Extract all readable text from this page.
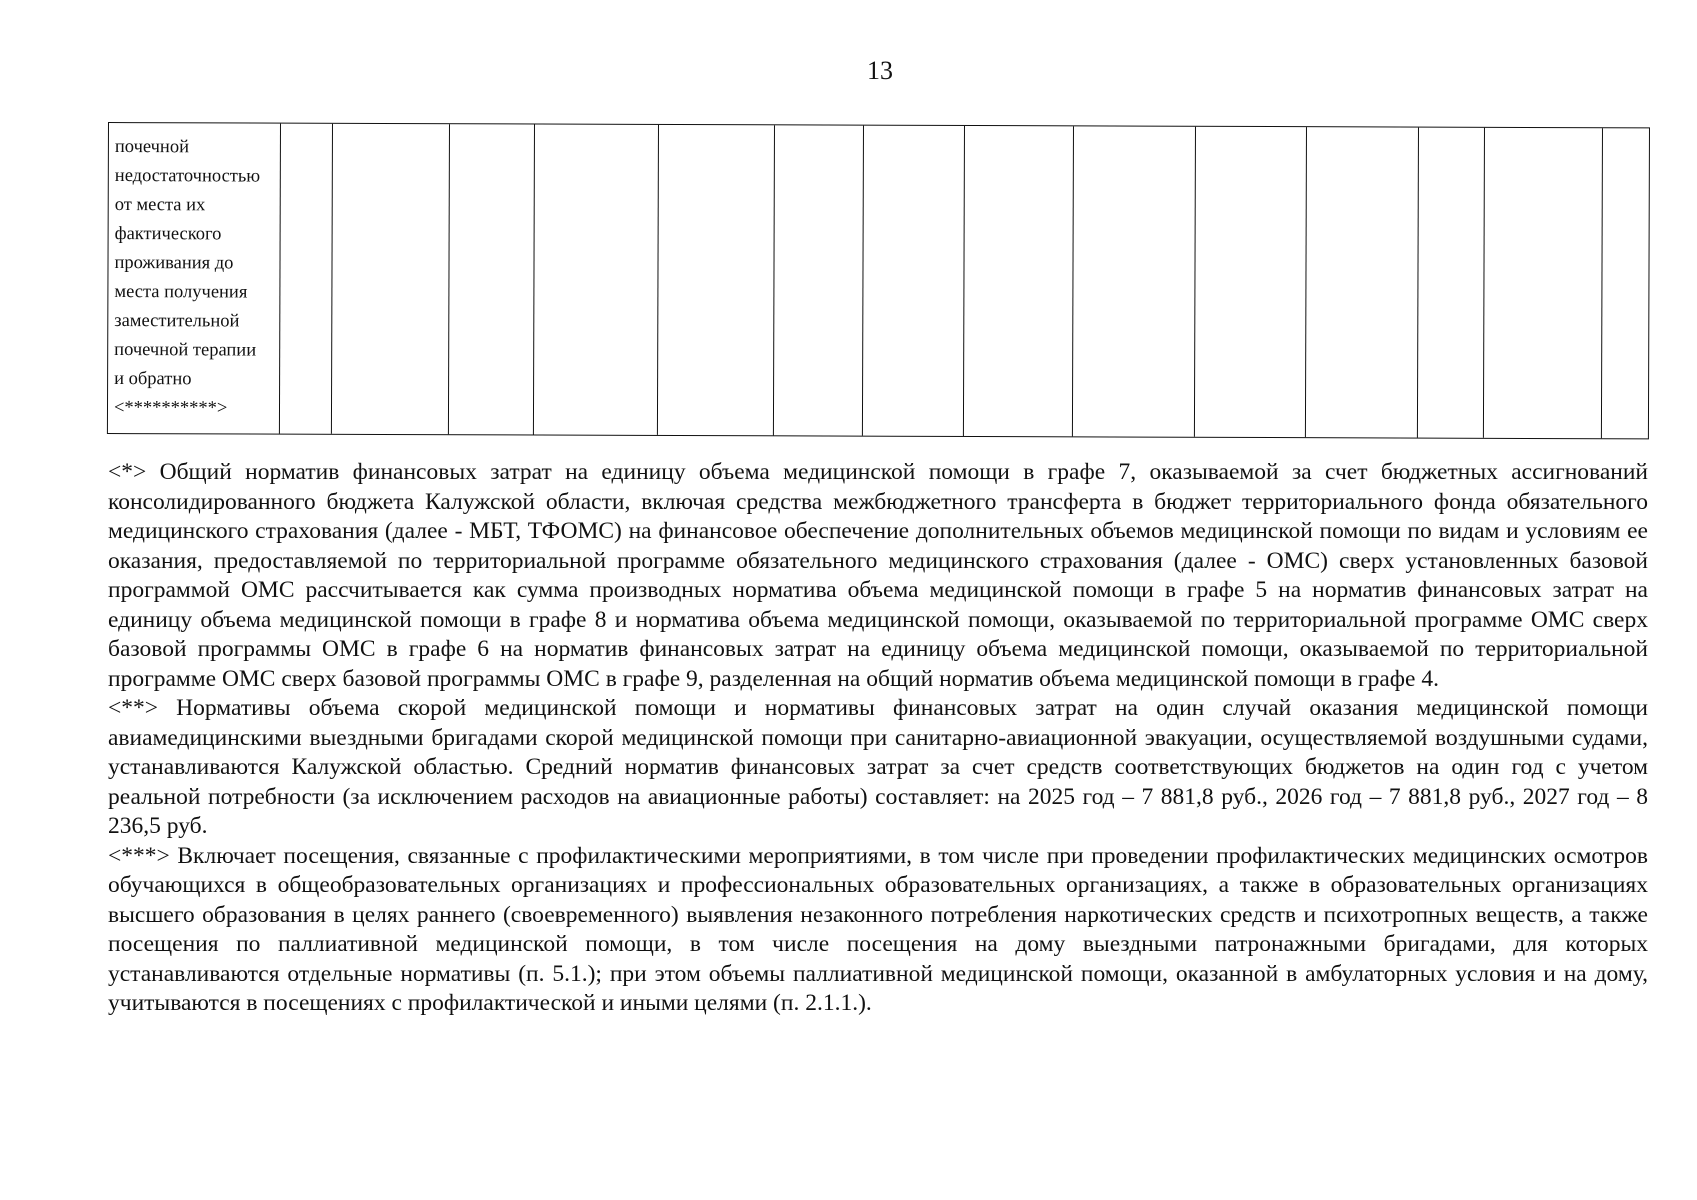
13
почечной
недостаточностью
от места их
фактического
проживания до
места получения
заместительной
почечной терапии
и обратно
<**********>

<*> Общий норматив финансовых затрат на единицу объема медицинской помощи в графе 7, оказываемой за счет бюджетных ассигнований консолидированного бюджета Калужской области, включая средства межбюджетного трансферта в бюджет территориального фонда обязательного медицинского страхования (далее - МБТ, ТФОМС) на финансовое обеспечение дополнительных объемов медицинской помощи по видам и условиям ее оказания, предоставляемой по территориальной программе обязательного медицинского страхования (далее - ОМС) сверх установленных базовой программой ОМС рассчитывается как сумма производных норматива объема медицинской помощи в графе 5 на норматив финансовых затрат на единицу объема медицинской помощи в графе 8 и норматива объема медицинской помощи, оказываемой по территориальной программе ОМС сверх базовой программы ОМС в графе 6 на норматив финансовых затрат на единицу объема медицинской помощи, оказываемой по территориальной программе ОМС сверх базовой программы ОМС в графе 9, разделенная на общий норматив объема медицинской помощи в графе 4.

<**> Нормативы объема скорой медицинской помощи и нормативы финансовых затрат на один случай оказания медицинской помощи авиамедицинскими выездными бригадами скорой медицинской помощи при санитарно-авиационной эвакуации, осуществляемой воздушными судами, устанавливаются Калужской областью. Средний норматив финансовых затрат за счет средств соответствующих бюджетов на один год с учетом реальной потребности (за исключением расходов на авиационные работы) составляет: на 2025 год – 7 881,8 руб., 2026 год – 7 881,8 руб., 2027 год – 8 236,5 руб.

<***> Включает посещения, связанные с профилактическими мероприятиями, в том числе при проведении профилактических медицинских осмотров обучающихся в общеобразовательных организациях и профессиональных образовательных организациях, а также в образовательных организациях высшего образования в целях раннего (своевременного) выявления незаконного потребления наркотических средств и психотропных веществ, а также посещения по паллиативной медицинской помощи, в том числе посещения на дому выездными патронажными бригадами, для которых устанавливаются отдельные нормативы (п. 5.1.); при этом объемы паллиативной медицинской помощи, оказанной в амбулаторных условия и на дому, учитываются в посещениях с профилактической и иными целями (п. 2.1.1.).
